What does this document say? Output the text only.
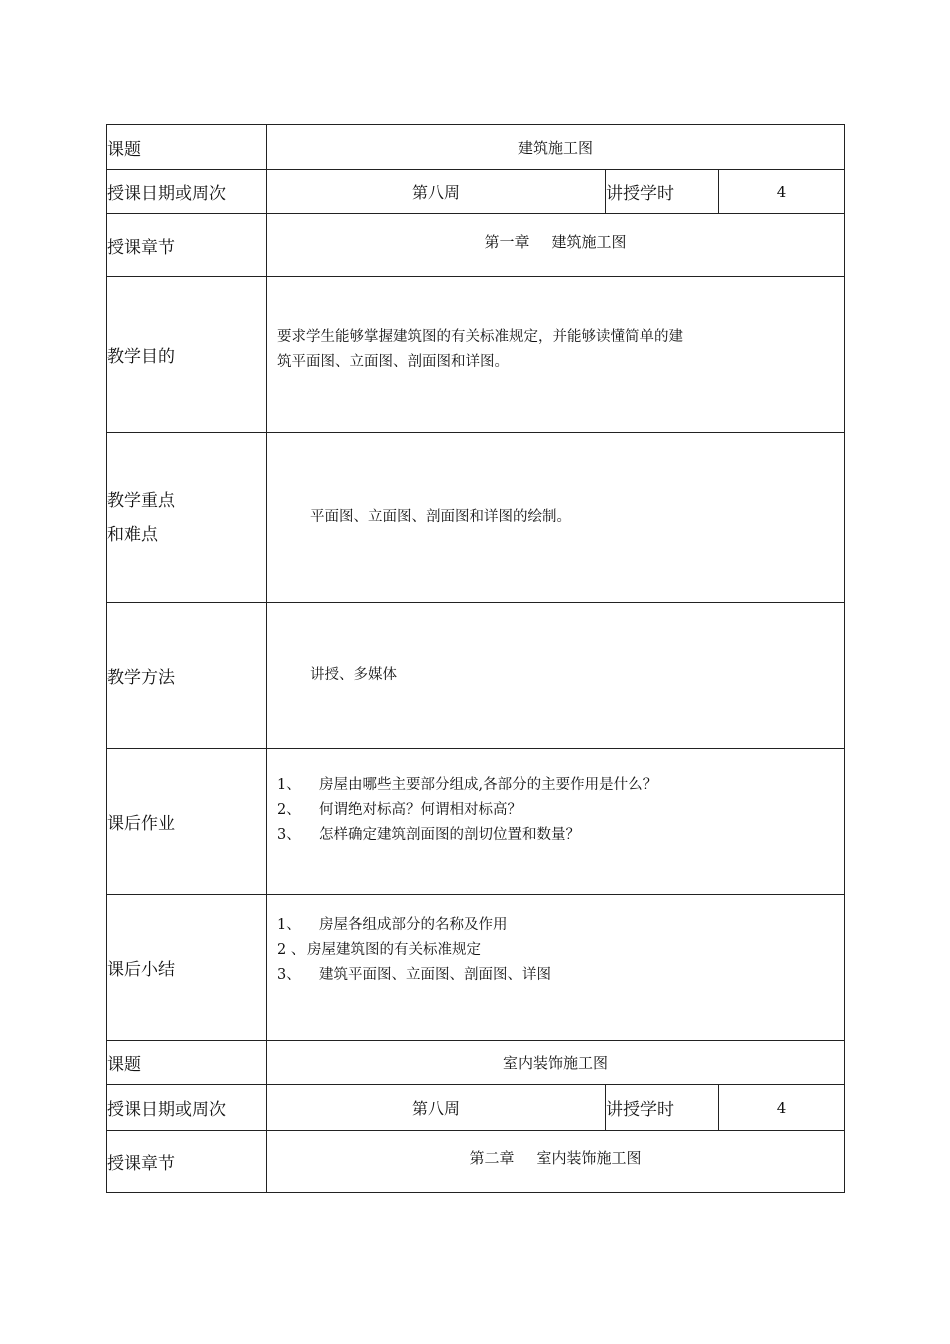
课题	建筑施工图		
授课日期或周次	第八周	讲授学时	4
授课章节	第一章 建筑施工图		
教学目的	要求学生能够掌握建筑图的有关标准规定，并能够读懂简单的建
筑平面图、立面图、剖面图和详图。		

教学重点
和难点	平面图、立面图、剖面图和详图的绘制。		
教学方法	讲授、多媒体		
课后作业	1、 房屋由哪些主要部分组成,各部分的主要作用是什么？
2、 何谓绝对标高？何谓相对标高？
3、 怎样确定建筑剖面图的剖切位置和数量？		

课后小结	1、 房屋各组成部分的名称及作用
2 、 房屋建筑图的有关标准规定
3、 建筑平面图、立面图、剖面图、详图		

课题	室内装饰施工图		
授课日期或周次	第八周	讲授学时	4
授课章节	第二章 室内装饰施工图		
